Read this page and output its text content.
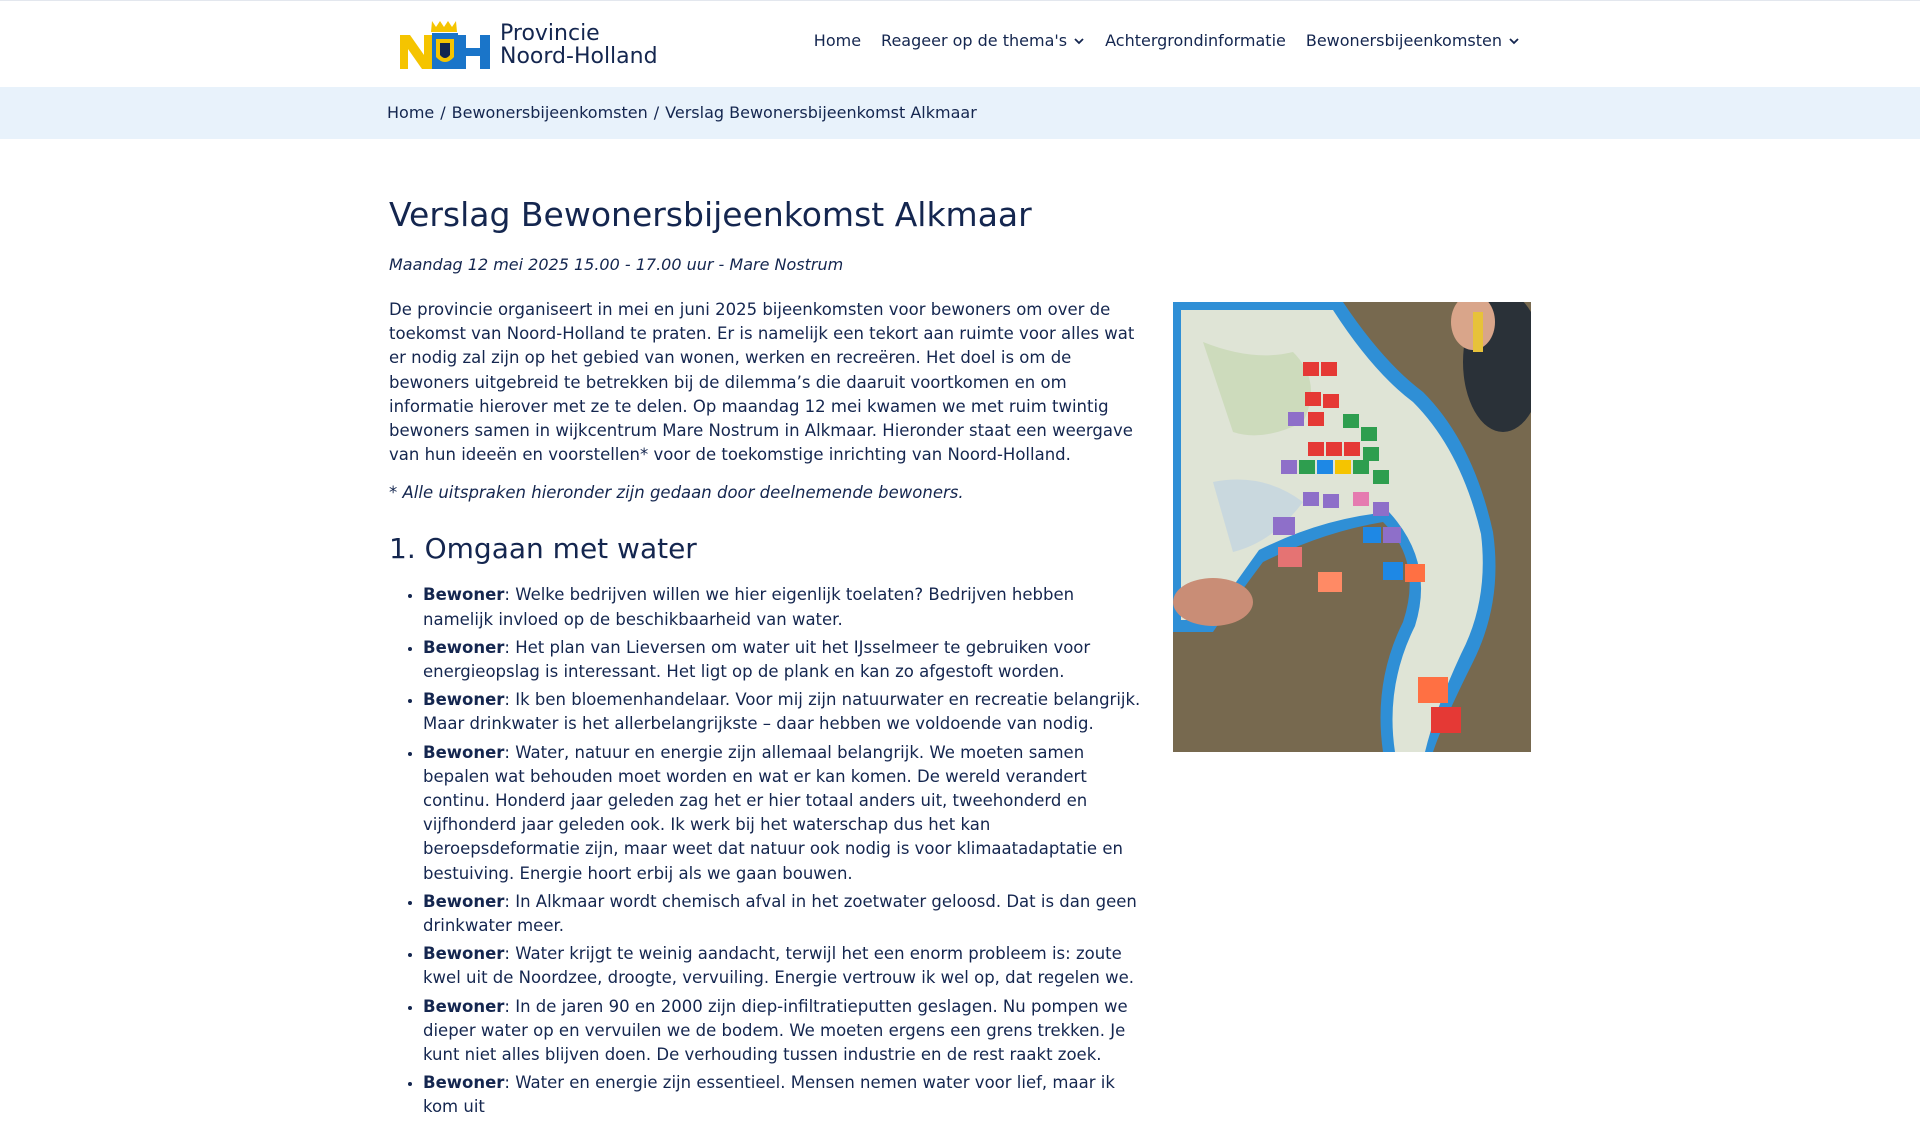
Provincie
Noord-Holland
Home Reageer op de thema's Achtergrondinformatie Bewonersbijeenkomsten
Home / Bewonersbijeenkomsten / Verslag Bewonersbijeenkomst Alkmaar
Verslag Bewonersbijeenkomst Alkmaar
Maandag 12 mei 2025 15.00 - 17.00 uur - Mare Nostrum

De provincie organiseert in mei en juni 2025 bijeenkomsten voor bewoners om over de toekomst van Noord-Holland te praten. Er is namelijk een tekort aan ruimte voor alles wat er nodig zal zijn op het gebied van wonen, werken en recreëren. Het doel is om de bewoners uitgebreid te betrekken bij de dilemma’s die daaruit voortkomen en om informatie hierover met ze te delen. Op maandag 12 mei kwamen we met ruim twintig bewoners samen in wijkcentrum Mare Nostrum in Alkmaar. Hieronder staat een weergave van hun ideeën en voorstellen* voor de toekomstige inrichting van Noord-Holland.

* Alle uitspraken hieronder zijn gedaan door deelnemende bewoners.
1. Omgaan met water
• Bewoner: Welke bedrijven willen we hier eigenlijk toelaten? Bedrijven hebben namelijk invloed op de beschikbaarheid van water.
• Bewoner: Het plan van Lieversen om water uit het IJsselmeer te gebruiken voor energieopslag is interessant. Het ligt op de plank en kan zo afgestoft worden.
• Bewoner: Ik ben bloemenhandelaar. Voor mij zijn natuurwater en recreatie belangrijk. Maar drinkwater is het allerbelangrijkste – daar hebben we voldoende van nodig.
• Bewoner: Water, natuur en energie zijn allemaal belangrijk. We moeten samen bepalen wat behouden moet worden en wat er kan komen. De wereld verandert continu. Honderd jaar geleden zag het er hier totaal anders uit, tweehonderd en vijfhonderd jaar geleden ook. Ik werk bij het waterschap dus het kan beroepsdeformatie zijn, maar weet dat natuur ook nodig is voor klimaatadaptatie en bestuiving. Energie hoort erbij als we gaan bouwen.
• Bewoner: In Alkmaar wordt chemisch afval in het zoetwater geloosd. Dat is dan geen drinkwater meer.
• Bewoner: Water krijgt te weinig aandacht, terwijl het een enorm probleem is: zoute kwel uit de Noordzee, droogte, vervuiling. Energie vertrouw ik wel op, dat regelen we.
• Bewoner: In de jaren 90 en 2000 zijn diep-infiltratieputten geslagen. Nu pompen we dieper water op en vervuilen we de bodem. We moeten ergens een grens trekken. Je kunt niet alles blijven doen. De verhouding tussen industrie en de rest raakt zoek.
• Bewoner: Water en energie zijn essentieel. Mensen nemen water voor lief, maar ik kom uit
